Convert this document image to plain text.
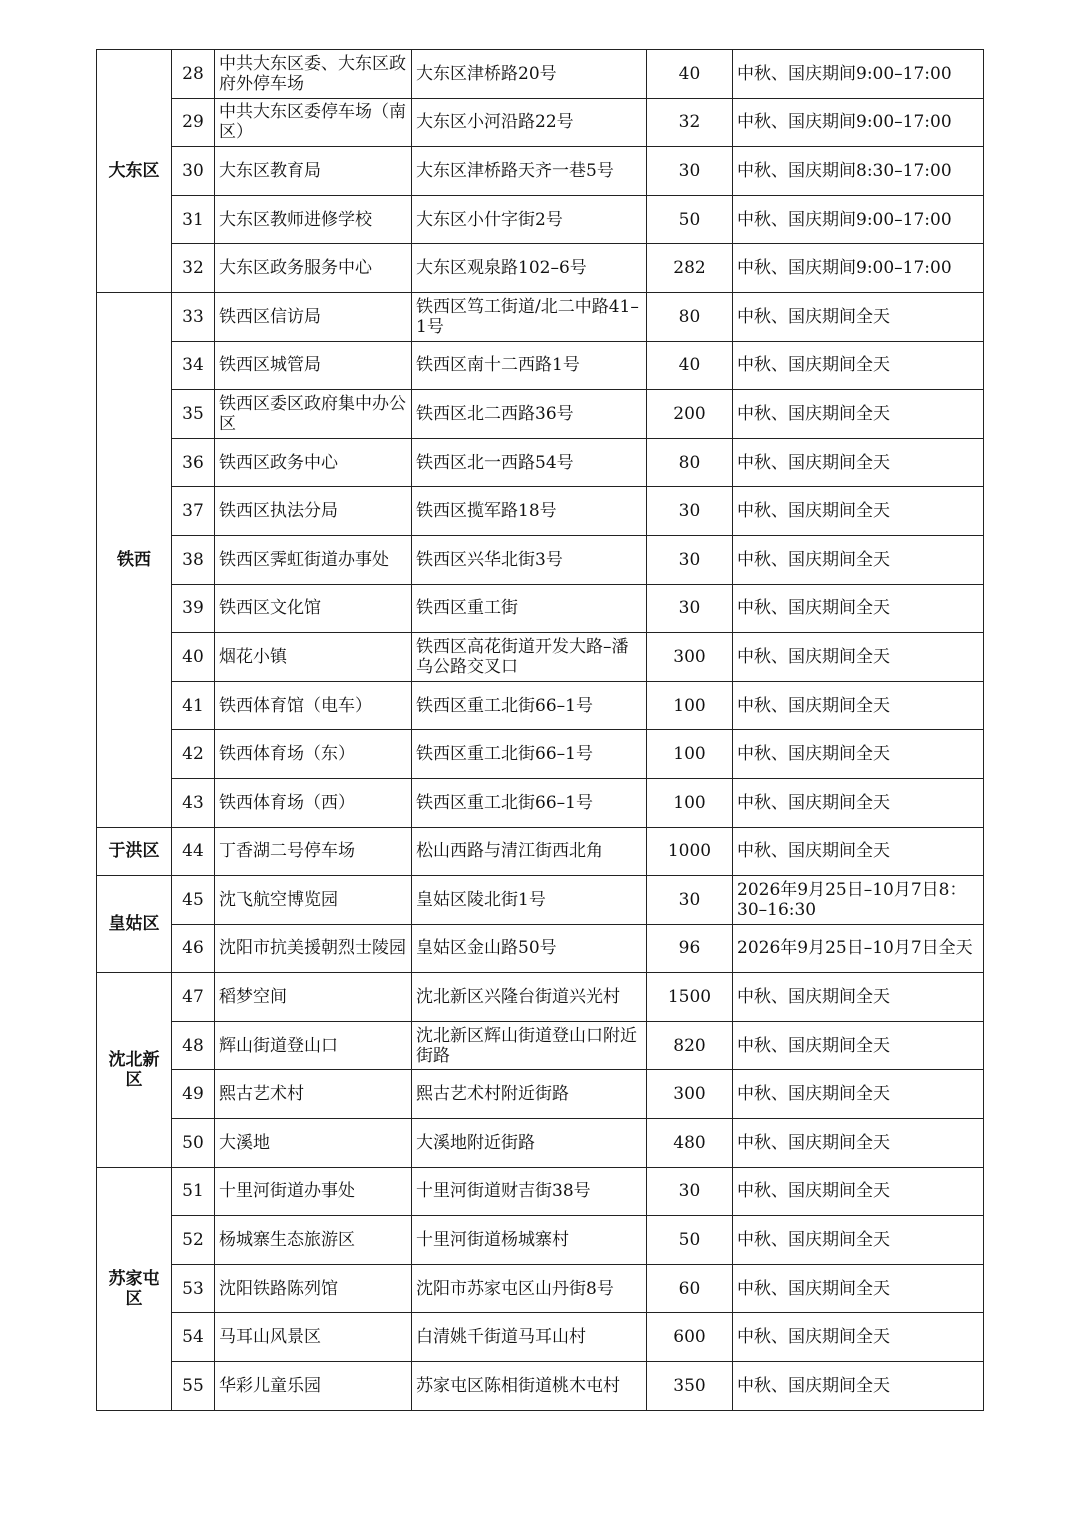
大东区	28	中共大东区委、大东区政府外停车场	大东区津桥路20号	40	中秋、国庆期间9:00–17:00
	29	中共大东区委停车场（南区）	大东区小河沿路22号	32	中秋、国庆期间9:00–17:00
	30	大东区教育局	大东区津桥路天齐一巷5号	30	中秋、国庆期间8:30–17:00
	31	大东区教师进修学校	大东区小什字街2号	50	中秋、国庆期间9:00–17:00
	32	大东区政务服务中心	大东区观泉路102–6号	282	中秋、国庆期间9:00–17:00
铁西	33	铁西区信访局	铁西区笃工街道/北二中路41–1号	80	中秋、国庆期间全天
	34	铁西区城管局	铁西区南十二西路1号	40	中秋、国庆期间全天
	35	铁西区委区政府集中办公区	铁西区北二西路36号	200	中秋、国庆期间全天
	36	铁西区政务中心	铁西区北一西路54号	80	中秋、国庆期间全天
	37	铁西区执法分局	铁西区揽军路18号	30	中秋、国庆期间全天
	38	铁西区霁虹街道办事处	铁西区兴华北街3号	30	中秋、国庆期间全天
	39	铁西区文化馆	铁西区重工街	30	中秋、国庆期间全天
	40	烟花小镇	铁西区高花街道开发大路–潘乌公路交叉口	300	中秋、国庆期间全天
	41	铁西体育馆（电车）	铁西区重工北街66–1号	100	中秋、国庆期间全天
	42	铁西体育场（东）	铁西区重工北街66–1号	100	中秋、国庆期间全天
	43	铁西体育场（西）	铁西区重工北街66–1号	100	中秋、国庆期间全天
于洪区	44	丁香湖二号停车场	松山西路与清江街西北角	1000	中秋、国庆期间全天
皇姑区	45	沈飞航空博览园	皇姑区陵北街1号	30	2026年9月25日–10月7日8：30–16:30
	46	沈阳市抗美援朝烈士陵园	皇姑区金山路50号	96	2026年9月25日–10月7日全天
沈北新区	47	稻梦空间	沈北新区兴隆台街道兴光村	1500	中秋、国庆期间全天
	48	辉山街道登山口	沈北新区辉山街道登山口附近街路	820	中秋、国庆期间全天
	49	熙古艺术村	熙古艺术村附近街路	300	中秋、国庆期间全天
	50	大溪地	大溪地附近街路	480	中秋、国庆期间全天
苏家屯区	51	十里河街道办事处	十里河街道财吉街38号	30	中秋、国庆期间全天
	52	杨城寨生态旅游区	十里河街道杨城寨村	50	中秋、国庆期间全天
	53	沈阳铁路陈列馆	沈阳市苏家屯区山丹街8号	60	中秋、国庆期间全天
	54	马耳山风景区	白清姚千街道马耳山村	600	中秋、国庆期间全天
	55	华彩儿童乐园	苏家屯区陈相街道桃木屯村	350	中秋、国庆期间全天
